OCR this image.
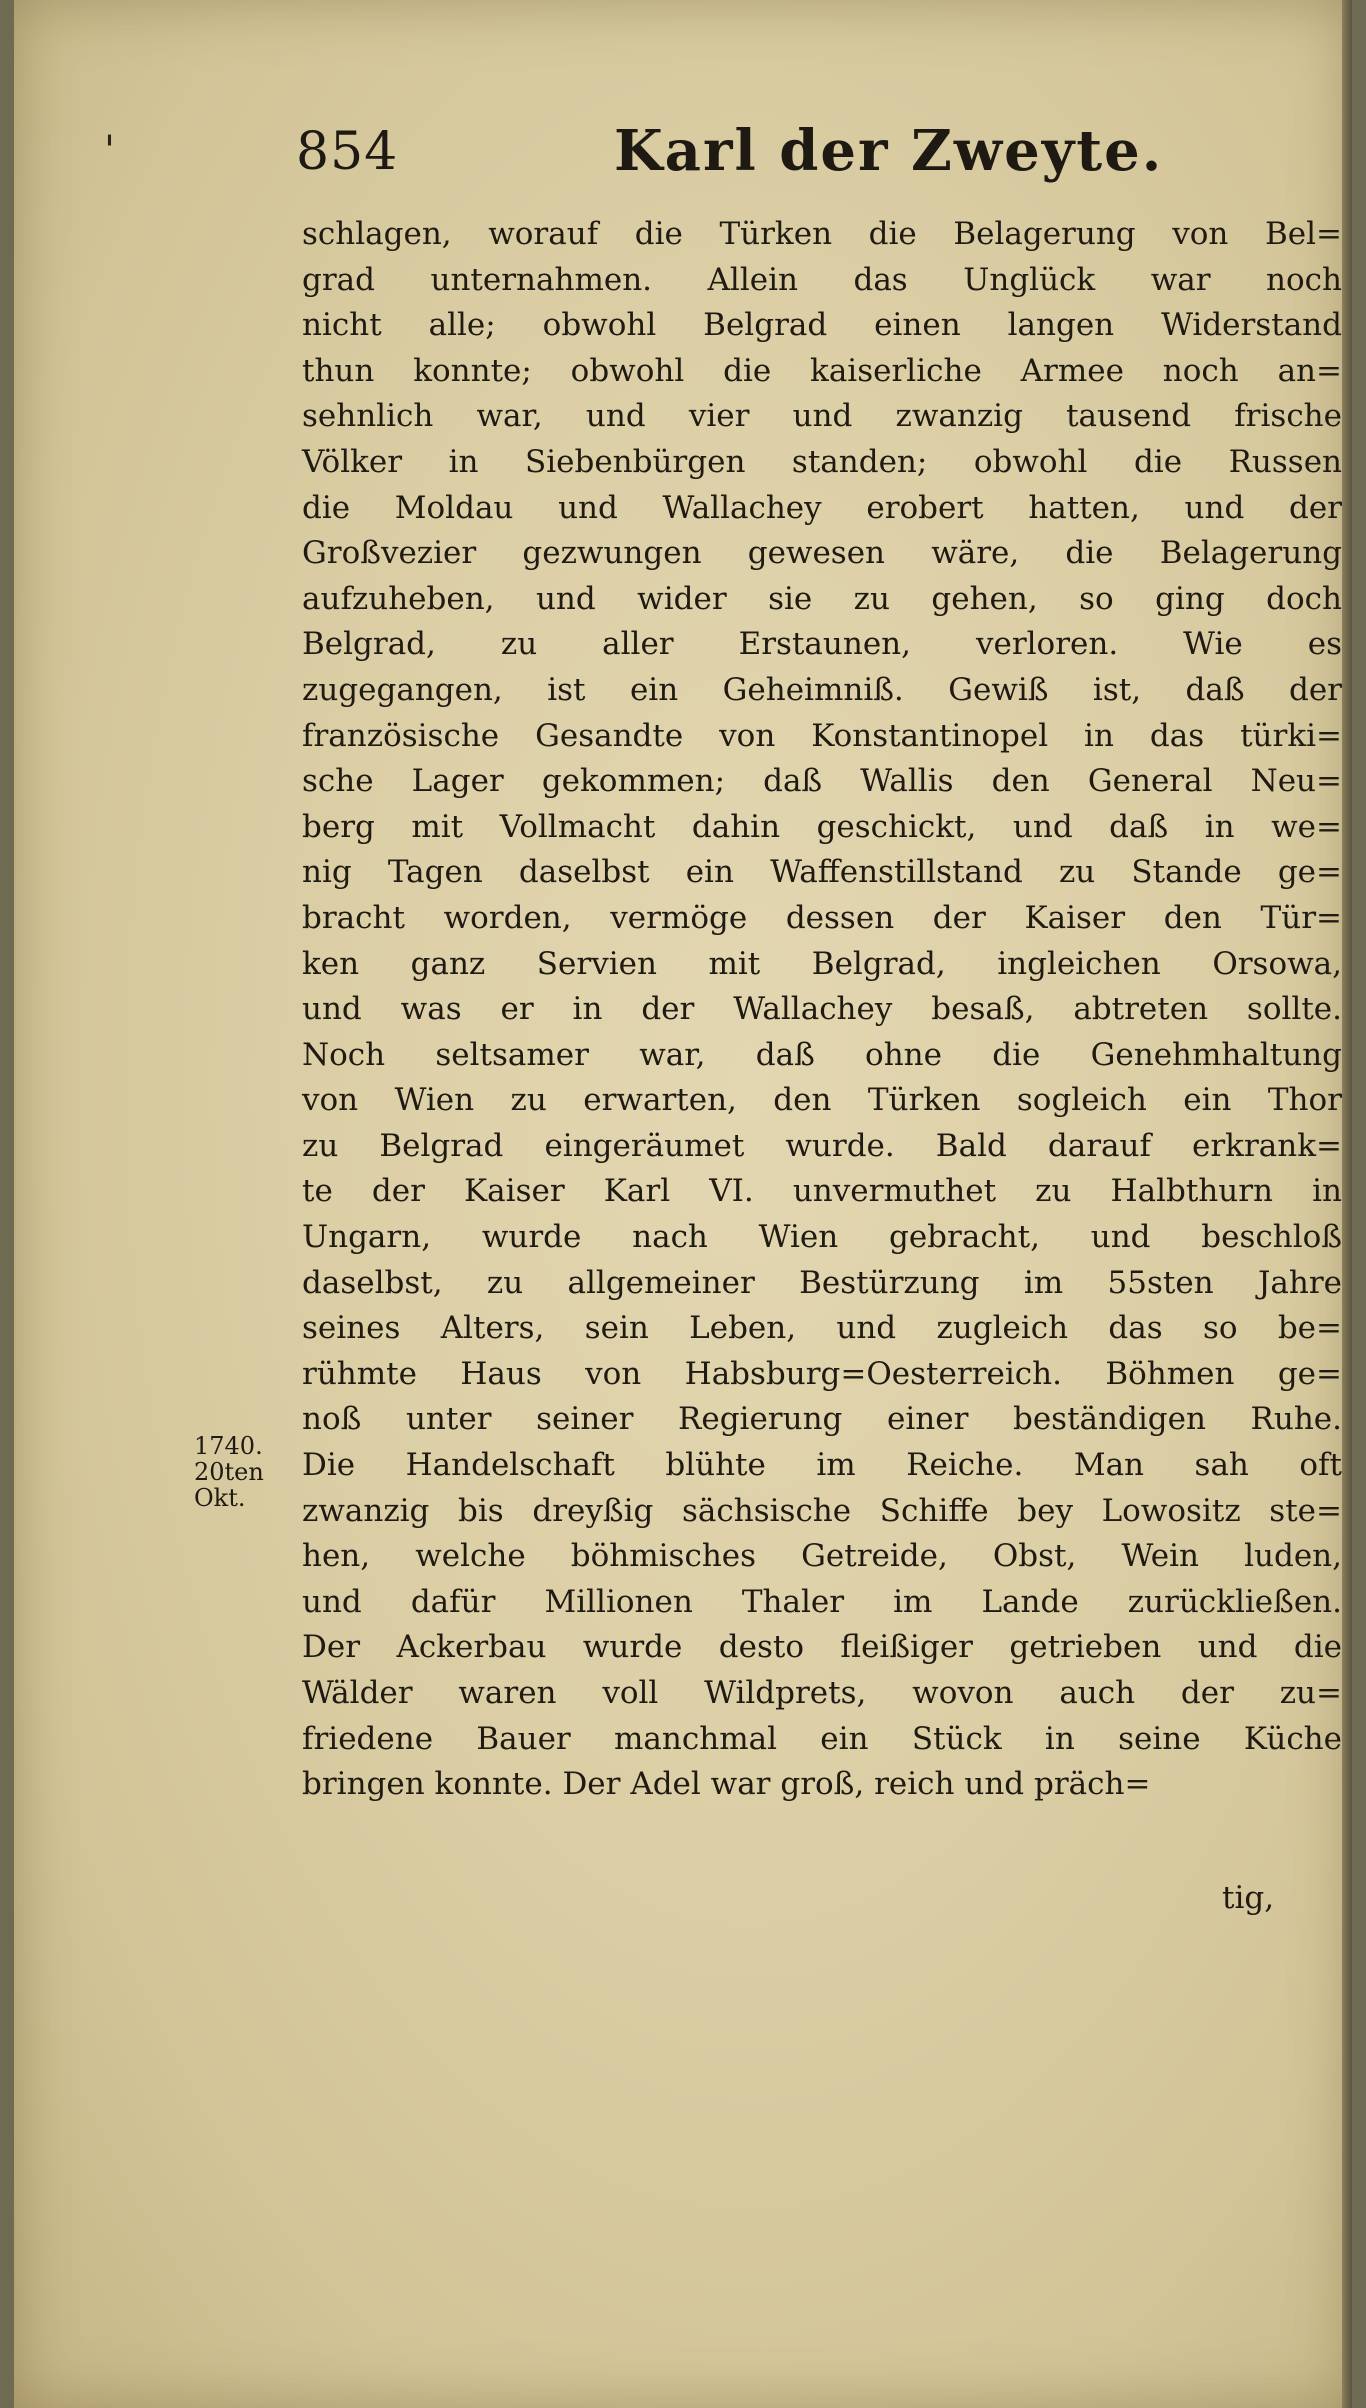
854	Karl der Zweyte.
'
1740.
20ten
Okt.
schlagen, worauf die Türken die Belagerung von Bel=
grad unternahmen. Allein das Unglück war noch
nicht alle; obwohl Belgrad einen langen Widerstand
thun konnte; obwohl die kaiserliche Armee noch an=
sehnlich war, und vier und zwanzig tausend frische
Völker in Siebenbürgen standen; obwohl die Russen
die Moldau und Wallachey erobert hatten, und der
Großvezier gezwungen gewesen wäre, die Belagerung
aufzuheben, und wider sie zu gehen, so ging doch
Belgrad, zu aller Erstaunen, verloren. Wie es
zugegangen, ist ein Geheimniß. Gewiß ist, daß der
französische Gesandte von Konstantinopel in das türki=
sche Lager gekommen; daß Wallis den General Neu=
berg mit Vollmacht dahin geschickt, und daß in we=
nig Tagen daselbst ein Waffenstillstand zu Stande ge=
bracht worden, vermöge dessen der Kaiser den Tür=
ken ganz Servien mit Belgrad, ingleichen Orsowa,
und was er in der Wallachey besaß, abtreten sollte.
Noch seltsamer war, daß ohne die Genehmhaltung
von Wien zu erwarten, den Türken sogleich ein Thor
zu Belgrad eingeräumet wurde. Bald darauf erkrank=
te der Kaiser Karl VI. unvermuthet zu Halbthurn in
Ungarn, wurde nach Wien gebracht, und beschloß
daselbst, zu allgemeiner Bestürzung im 55sten Jahre
seines Alters, sein Leben, und zugleich das so be=
rühmte Haus von Habsburg=Oesterreich. Böhmen ge=
noß unter seiner Regierung einer beständigen Ruhe.
Die Handelschaft blühte im Reiche. Man sah oft
zwanzig bis dreyßig sächsische Schiffe bey Lowositz ste=
hen, welche böhmisches Getreide, Obst, Wein luden,
und dafür Millionen Thaler im Lande zurückließen.
Der Ackerbau wurde desto fleißiger getrieben und die
Wälder waren voll Wildprets, wovon auch der zu=
friedene Bauer manchmal ein Stück in seine Küche
bringen konnte. Der Adel war groß, reich und präch=
tig,
